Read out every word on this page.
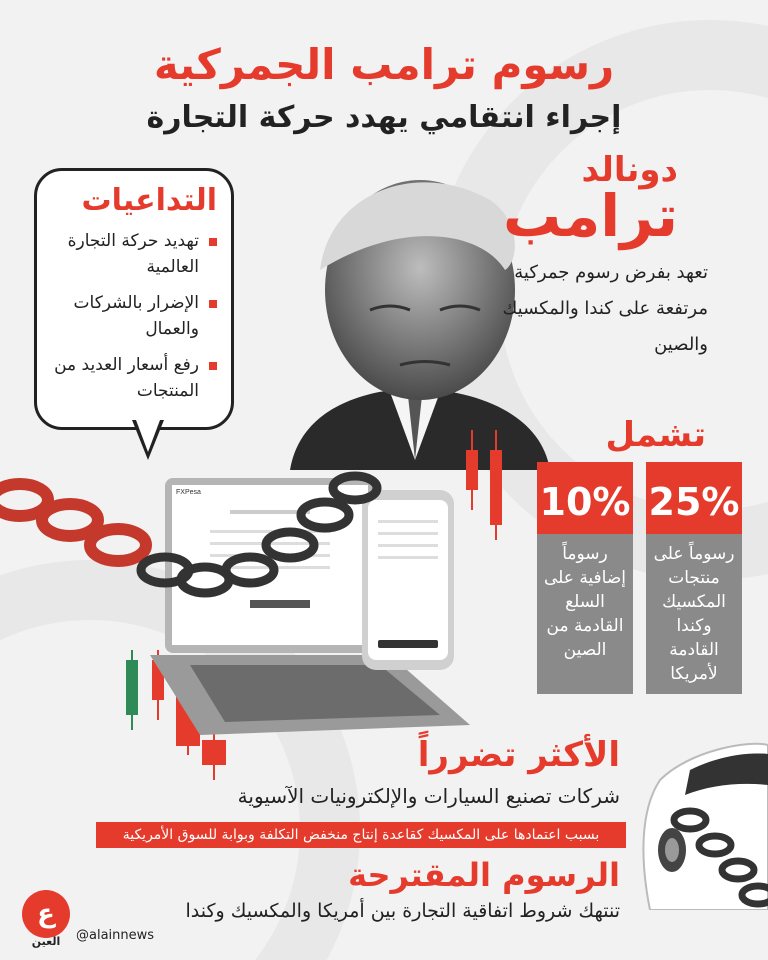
رسوم ترامب الجمركية
إجراء انتقامي يهدد حركة التجارة
التداعيات
تهديد حركة التجارة العالمية
الإضرار بالشركات والعمال
رفع أسعار العديد من المنتجات
دونالد
ترامب
تعهد بفرض رسوم جمركية مرتفعة على كندا والمكسيك والصين
تشمل
25%
رسوماً على منتجات المكسيك وكندا القادمة لأمريكا
10%
رسوماً إضافية على السلع القادمة من الصين
FXPesa
الأكثر تضرراً
شركات تصنيع السيارات والإلكترونيات الآسيوية
بسبب اعتمادها على المكسيك كقاعدة إنتاج منخفض التكلفة وبوابة للسوق الأمريكية
الرسوم المقترحة
تنتهك شروط اتفاقية التجارة بين أمريكا والمكسيك وكندا
ع
العين	@alainnews
